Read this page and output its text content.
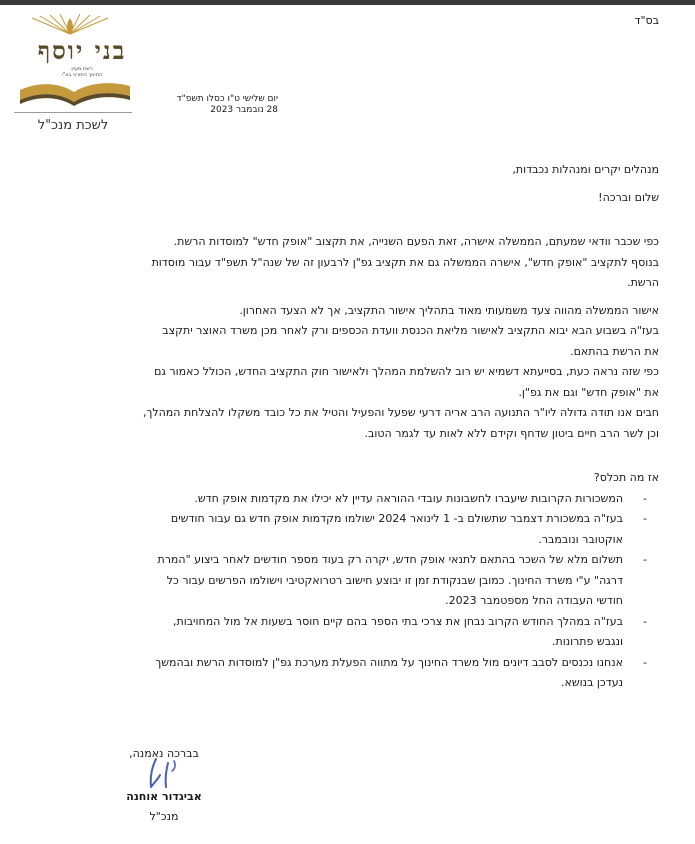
בס"ד
בני יוסף
רשת מעיין
החינוך התורני בא"י
לשכת מנכ"ל
יום שלישי ט"ו כסלו תשפ"ד
28 נובמבר 2023

מנהלים יקרים ומנהלות נכבדות,

שלום וברכה!

כפי שכבר וודאי שמעתם, הממשלה אישרה, זאת הפעם השנייה, את תקצוב "אופק חדש" למוסדות הרשת.

בנוסף לתקציב "אופק חדש", אישרה הממשלה גם את תקציב גפ"ן לרבעון זה של שנה"ל תשפ"ד עבור מוסדות

הרשת.

אישור הממשלה מהווה צעד משמעותי מאוד בתהליך אישור התקציב, אך לא הצעד האחרון.

בעז"ה בשבוע הבא יבוא התקציב לאישור מליאת הכנסת וועדת הכספים ורק לאחר מכן משרד האוצר יתקצב

את הרשת בהתאם.

כפי שזה נראה כעת, בסייעתא דשמיא יש רוב להשלמת המהלך ולאישור חוק התקציב החדש, הכולל כאמור גם

את "אופק חדש" וגם את גפ"ן.

חבים אנו תודה גדולה ליו"ר התנועה הרב אריה דרעי שפעל והפעיל והטיל את כל כובד משקלו להצלחת המהלך,

וכן לשר הרב חיים ביטון שדחף וקידם ללא לאות עד לגמר הטוב.

אז מה תכלס?

-
המשכורות הקרובות שיעברו לחשבונות עובדי ההוראה עדיין לא יכילו את מקדמות אופק חדש.
-
בעז"ה במשכורת דצמבר שתשולם ב- 1 לינואר 2024 ישולמו מקדמות אופק חדש גם עבור חודשים
אוקטובר ונובמבר.
-
תשלום מלא של השכר בהתאם לתנאי אופק חדש, יקרה רק בעוד מספר חודשים לאחר ביצוע "המרת
דרגה" ע"י משרד החינוך. כמובן שבנקודת זמן זו יבוצע חישוב רטרואקטיבי וישולמו הפרשים עבור כל
חודשי העבודה החל מספטמבר 2023.
-
בעז"ה במהלך החודש הקרוב נבחן את צרכי בתי הספר בהם קיים חוסר בשעות אל מול המחויבות,
ונגבש פתרונות.
-
אנחנו נכנסים לסבב דיונים מול משרד החינוך על מתווה הפעלת מערכת גפ"ן למוסדות הרשת ובהמשך
נעדכן בנושא.
בברכה נאמנה,
אביגדור אוחנה
מנכ"ל
